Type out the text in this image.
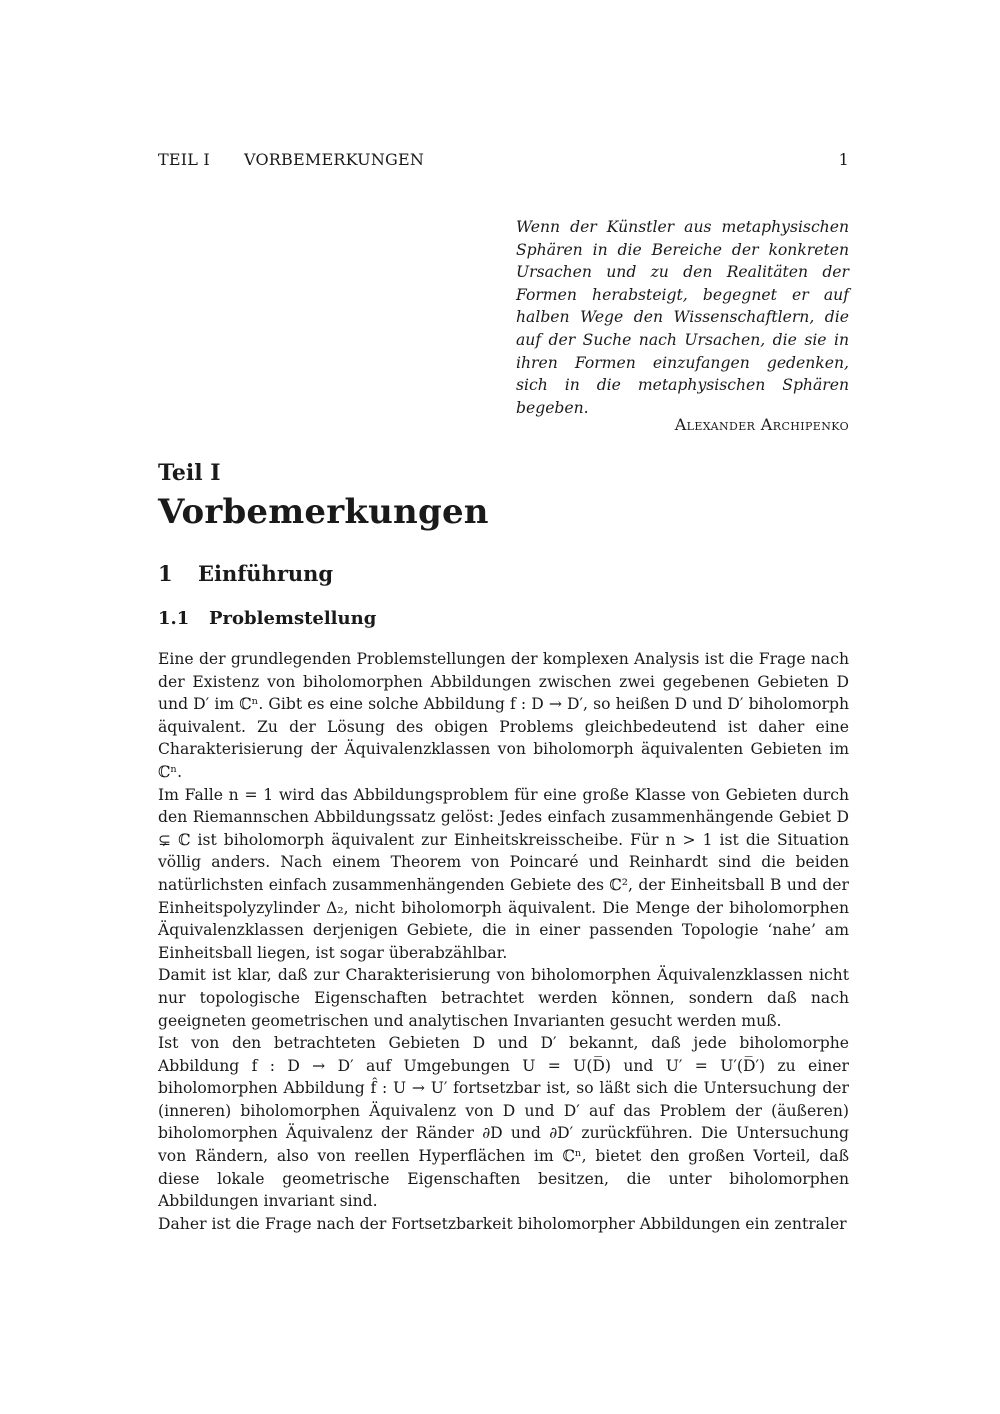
TEIL I VORBEMERKUNGEN	1
Wenn der Künstler aus metaphysischen Sphären in die Bereiche der konkreten Ursachen und zu den Realitäten der Formen herabsteigt, begegnet er auf halben Wege den Wissenschaftlern, die auf der Suche nach Ursachen, die sie in ihren Formen einzufangen gedenken, sich in die metaphysischen Sphären begeben.
Alexander Archipenko
Teil I
Vorbemerkungen
1 Einführung
1.1 Problemstellung

Eine der grundlegenden Problemstellungen der komplexen Analysis ist die Frage nach der Existenz von biholomorphen Abbildungen zwischen zwei gegebenen Gebieten D und D′ im ℂⁿ. Gibt es eine solche Abbildung f : D → D′, so heißen D und D′ biholomorph äquivalent. Zu der Lösung des obigen Problems gleichbedeutend ist daher eine Charakterisierung der Äquivalenzklassen von biholomorph äquivalenten Gebieten im ℂⁿ.

Im Falle n = 1 wird das Abbildungsproblem für eine große Klasse von Gebieten durch den Riemannschen Abbildungssatz gelöst: Jedes einfach zusammenhängende Gebiet D ⊊ ℂ ist biholomorph äquivalent zur Einheitskreisscheibe. Für n > 1 ist die Situation völlig anders. Nach einem Theorem von Poincaré und Reinhardt sind die beiden natürlichsten einfach zusammenhängenden Gebiete des ℂ², der Einheitsball B und der Einheitspolyzylinder Δ₂, nicht biholomorph äquivalent. Die Menge der biholomorphen Äquivalenzklassen derjenigen Gebiete, die in einer passenden Topologie ‘nahe’ am Einheitsball liegen, ist sogar überabzählbar.

Damit ist klar, daß zur Charakterisierung von biholomorphen Äquivalenzklassen nicht nur topologische Eigenschaften betrachtet werden können, sondern daß nach geeigneten geometrischen und analytischen Invarianten gesucht werden muß.

Ist von den betrachteten Gebieten D und D′ bekannt, daß jede biholomorphe Abbildung f : D → D′ auf Umgebungen U = U(D̅) und U′ = U′(D̅′) zu einer biholomorphen Abbildung f̂ : U → U′ fortsetzbar ist, so läßt sich die Untersuchung der (inneren) biholomorphen Äquivalenz von D und D′ auf das Problem der (äußeren) biholomorphen Äquivalenz der Ränder ∂D und ∂D′ zurückführen. Die Untersuchung von Rändern, also von reellen Hyperflächen im ℂⁿ, bietet den großen Vorteil, daß diese lokale geometrische Eigenschaften besitzen, die unter biholomorphen Abbildungen invariant sind.

Daher ist die Frage nach der Fortsetzbarkeit biholomorpher Abbildungen ein zentraler
